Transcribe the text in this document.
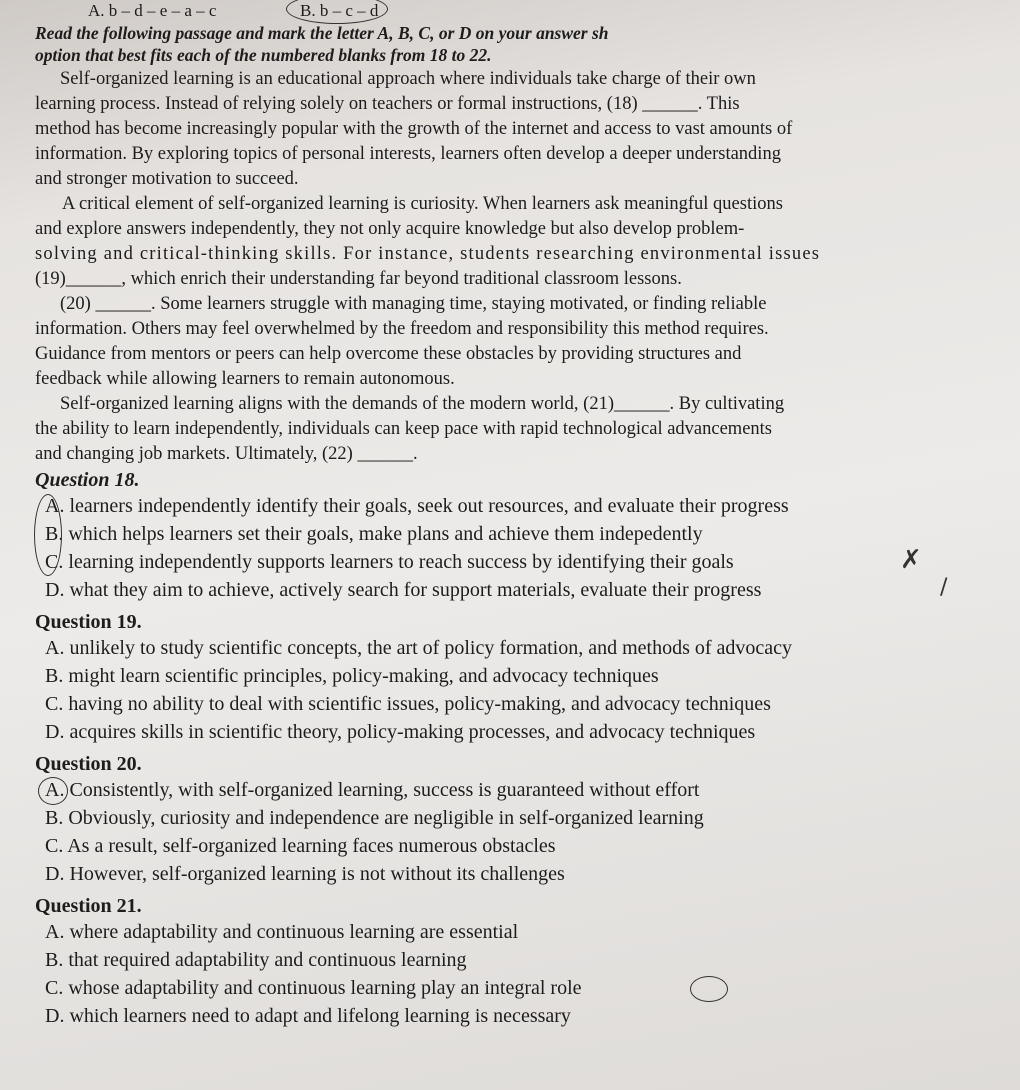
A. b – d – e – a – c	B. b – c – d
Read the following passage and mark the letter A, B, C, or D on your answer sh
option that best fits each of the numbered blanks from 18 to 22.
Self-organized learning is an educational approach where individuals take charge of their own
learning process. Instead of relying solely on teachers or formal instructions, (18) ______. This
method has become increasingly popular with the growth of the internet and access to vast amounts of
information. By exploring topics of personal interests, learners often develop a deeper understanding
and stronger motivation to succeed.
A critical element of self-organized learning is curiosity. When learners ask meaningful questions
and explore answers independently, they not only acquire knowledge but also develop problem-
solving and critical-thinking skills. For instance, students researching environmental issues
(19)______, which enrich their understanding far beyond traditional classroom lessons.
(20) ______. Some learners struggle with managing time, staying motivated, or finding reliable
information. Others may feel overwhelmed by the freedom and responsibility this method requires.
Guidance from mentors or peers can help overcome these obstacles by providing structures and
feedback while allowing learners to remain autonomous.
Self-organized learning aligns with the demands of the modern world, (21)______. By cultivating
the ability to learn independently, individuals can keep pace with rapid technological advancements
and changing job markets. Ultimately, (22) ______.
Question 18.
A. learners independently identify their goals, seek out resources, and evaluate their progress
B. which helps learners set their goals, make plans and achieve them indepedently
C. learning independently supports learners to reach success by identifying their goals
D. what they aim to achieve, actively search for support materials, evaluate their progress
✗
/
Question 19.
A. unlikely to study scientific concepts, the art of policy formation, and methods of advocacy
B. might learn scientific principles, policy-making, and advocacy techniques
C. having no ability to deal with scientific issues, policy-making, and advocacy techniques
D. acquires skills in scientific theory, policy-making processes, and advocacy techniques
Question 20.
A. Consistently, with self-organized learning, success is guaranteed without effort
B. Obviously, curiosity and independence are negligible in self-organized learning
C. As a result, self-organized learning faces numerous obstacles
D. However, self-organized learning is not without its challenges
Question 21.
A. where adaptability and continuous learning are essential
B. that required adaptability and continuous learning
C. whose adaptability and continuous learning play an integral role
D. which learners need to adapt and lifelong learning is necessary
